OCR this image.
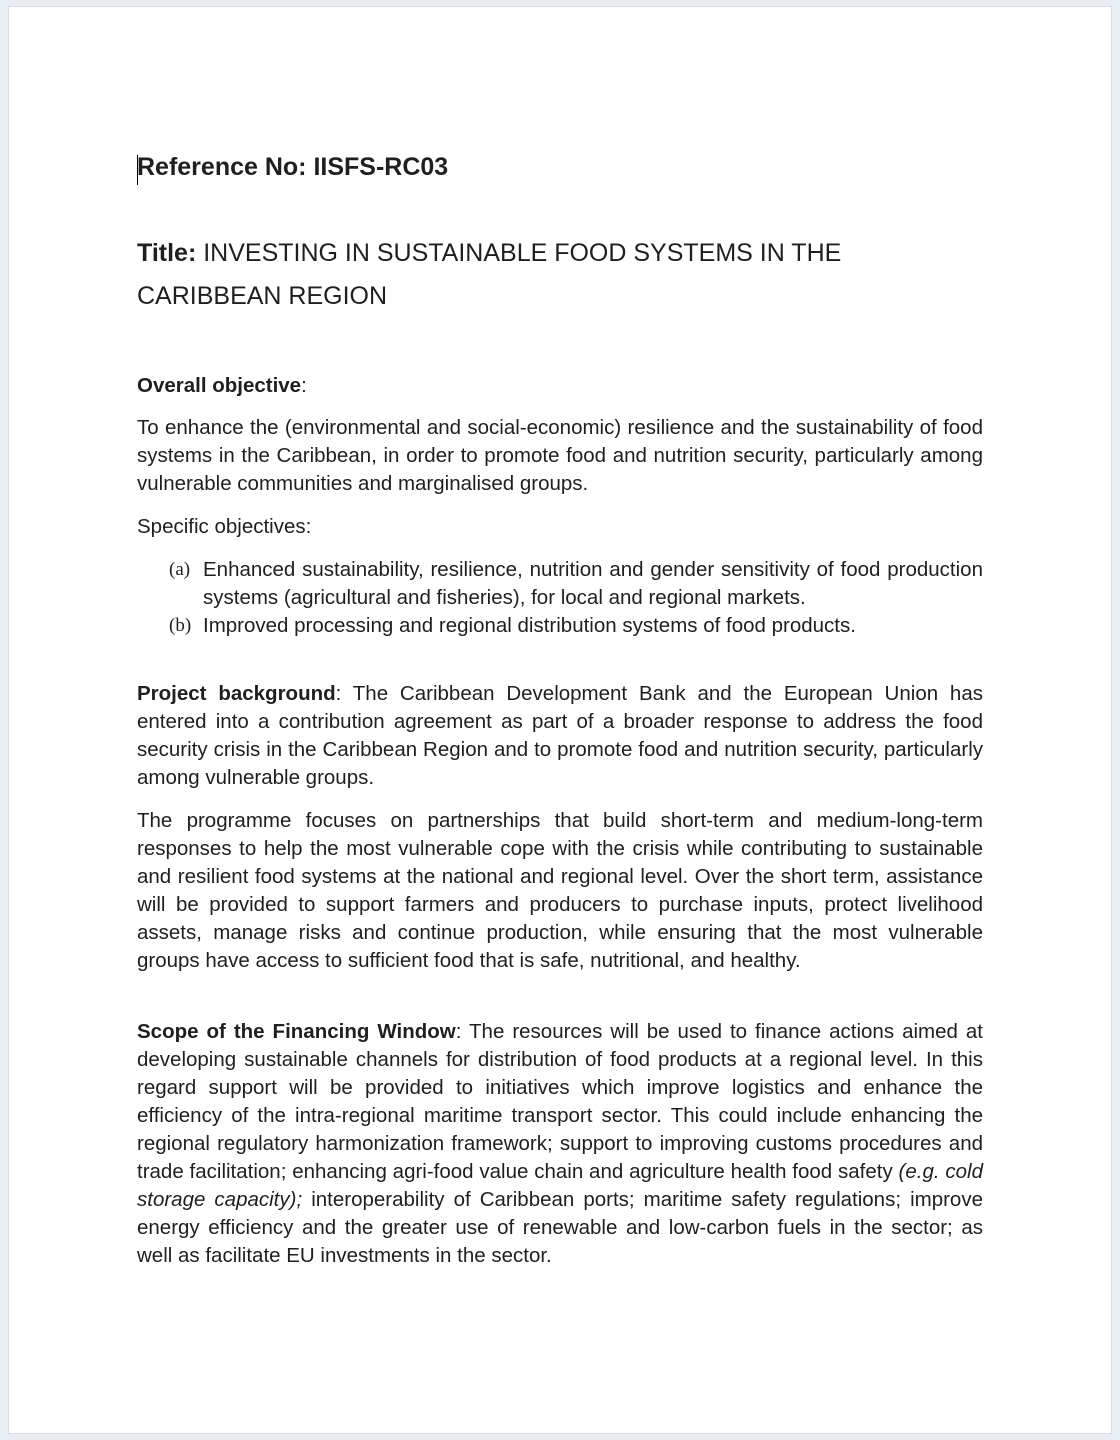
Reference No: IISFS-RC03

Title: INVESTING IN SUSTAINABLE FOOD SYSTEMS IN THE CARIBBEAN REGION

Overall objective:

To enhance the (environmental and social-economic) resilience and the sustainability of food systems in the Caribbean, in order to promote food and nutrition security, particularly among vulnerable communities and marginalised groups.

Specific objectives:

(a) Enhanced sustainability, resilience, nutrition and gender sensitivity of food production systems (agricultural and fisheries), for local and regional markets.
(b) Improved processing and regional distribution systems of food products.

Project background: The Caribbean Development Bank and the European Union has entered into a contribution agreement as part of a broader response to address the food security crisis in the Caribbean Region and to promote food and nutrition security, particularly among vulnerable groups.

The programme focuses on partnerships that build short-term and medium-long-term responses to help the most vulnerable cope with the crisis while contributing to sustainable and resilient food systems at the national and regional level. Over the short term, assistance will be provided to support farmers and producers to purchase inputs, protect livelihood assets, manage risks and continue production, while ensuring that the most vulnerable groups have access to sufficient food that is safe, nutritional, and healthy.

Scope of the Financing Window: The resources will be used to finance actions aimed at developing sustainable channels for distribution of food products at a regional level. In this regard support will be provided to initiatives which improve logistics and enhance the efficiency of the intra-regional maritime transport sector. This could include enhancing the regional regulatory harmonization framework; support to improving customs procedures and trade facilitation; enhancing agri-food value chain and agriculture health food safety (e.g. cold storage capacity); interoperability of Caribbean ports; maritime safety regulations; improve energy efficiency and the greater use of renewable and low-carbon fuels in the sector; as well as facilitate EU investments in the sector.
